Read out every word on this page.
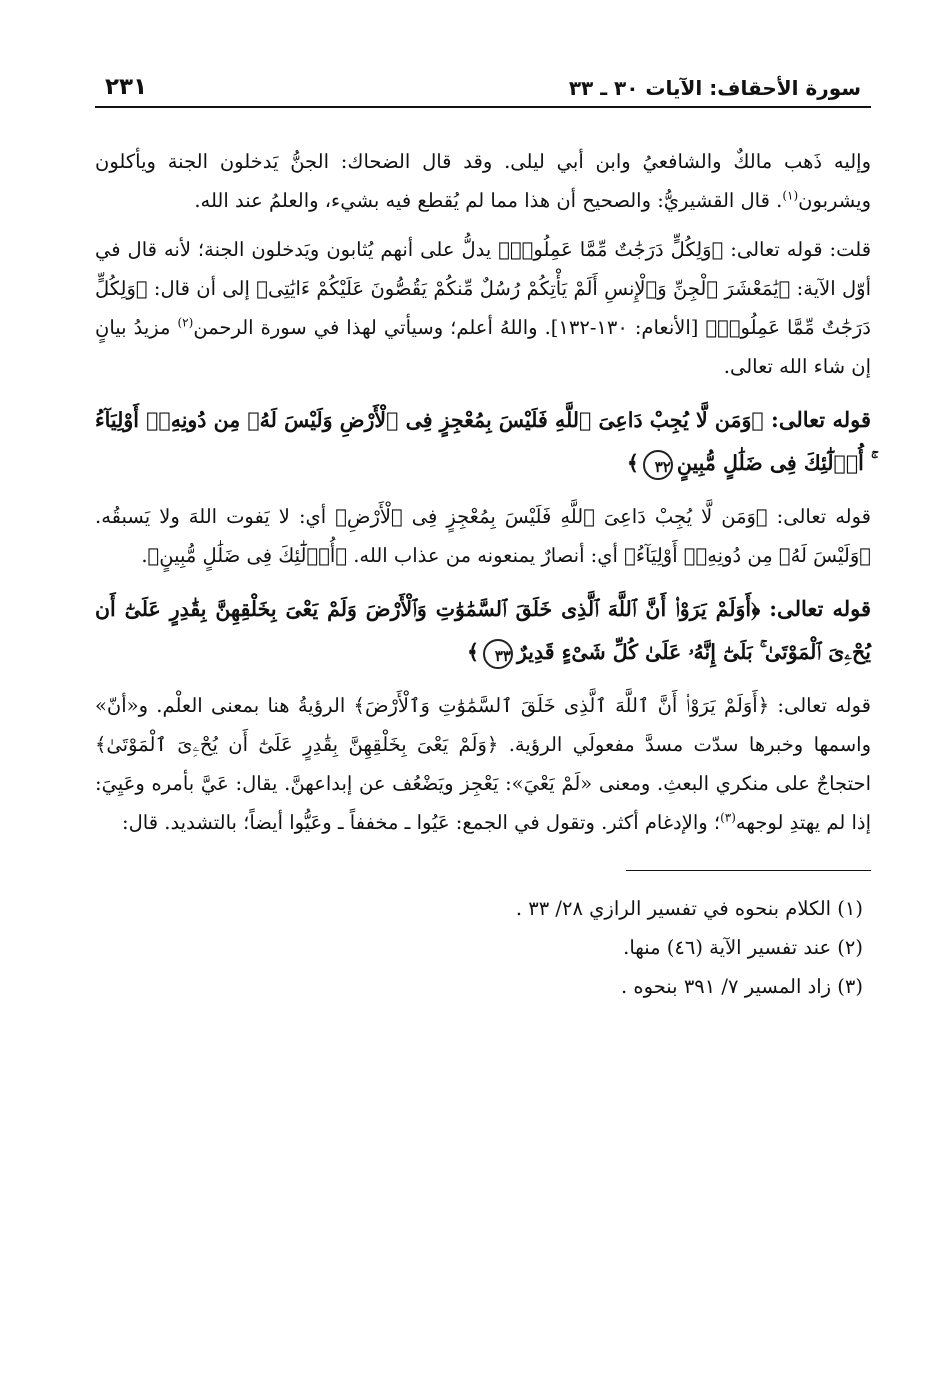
سورة الأحقاف: الآيات ٣٠ ـ ٣٣
٢٣١

وإليه ذَهب مالكٌ والشافعيُ وابن أبي ليلى. وقد قال الضحاك: الجنُّ يَدخلون الجنة ويأكلون ويشربون$^{(١)}$. قال القشيريُّ: والصحيح أن هذا مما لم يُقطع فيه بشيء، والعلمُ عند الله.

قلت: قوله تعالى: ﴿وَلِكُلٍّ دَرَجَٰتٌ مِّمَّا عَمِلُوا۟﴾ يدلُّ على أنهم يُثابون ويَدخلون الجنة؛ لأنه قال في أوّل الآية: ﴿يَٰمَعْشَرَ ٱلْجِنِّ وَٱلْإِنسِ أَلَمْ يَأْتِكُمْ رُسُلٌ مِّنكُمْ يَقُصُّونَ عَلَيْكُمْ ءَايَٰتِى﴾ إلى أن قال: ﴿وَلِكُلٍّ دَرَجَٰتٌ مِّمَّا عَمِلُوا۟﴾ [الأنعام: ١٣٠-١٣٢]. واللهُ أعلم؛ وسيأتي لهذا في سورة الرحمن$^{(٢)}$ مزيدُ بيانٍ إن شاء الله تعالى.

قوله تعالى: ﴿وَمَن لَّا يُجِبْ دَاعِىَ ٱللَّهِ فَلَيْسَ بِمُعْجِزٍ فِى ٱلْأَرْضِ وَلَيْسَ لَهُۥ مِن دُونِهِۦٓ أَوْلِيَآءُ ۚ أُو۟لَٰٓئِكَ فِى ضَلَٰلٍ مُّبِينٍ٣٢﴾

قوله تعالى: ﴿وَمَن لَّا يُجِبْ دَاعِىَ ٱللَّهِ فَلَيْسَ بِمُعْجِزٍ فِى ٱلْأَرْضِ﴾ أي: لا يَفوت اللهَ ولا يَسبقُه. ﴿وَلَيْسَ لَهُۥ مِن دُونِهِۦٓ أَوْلِيَآءُ﴾ أي: أنصارٌ يمنعونه من عذاب الله. ﴿أُو۟لَٰٓئِكَ فِى ضَلَٰلٍ مُّبِينٍ﴾.

قوله تعالى: ﴿أَوَلَمْ يَرَوْا۟ أَنَّ ٱللَّهَ ٱلَّذِى خَلَقَ ٱلسَّمَٰوَٰتِ وَٱلْأَرْضَ وَلَمْ يَعْىَ بِخَلْقِهِنَّ بِقَٰدِرٍ عَلَىٰٓ أَن يُحْۦِىَ ٱلْمَوْتَىٰ ۚ بَلَىٰٓ إِنَّهُۥ عَلَىٰ كُلِّ شَىْءٍ قَدِيرٌ٣٣﴾

قوله تعالى: ﴿أَوَلَمْ يَرَوْا۟ أَنَّ ٱللَّهَ ٱلَّذِى خَلَقَ ٱلسَّمَٰوَٰتِ وَٱلْأَرْضَ﴾ الرؤيةُ هنا بمعنى العلْم. و«أنّ» واسمها وخبرها سدّت مسدَّ مفعولَي الرؤية. ﴿وَلَمْ يَعْىَ بِخَلْقِهِنَّ بِقَٰدِرٍ عَلَىٰٓ أَن يُحْۦِىَ ٱلْمَوْتَىٰ﴾ احتجاجٌ على منكري البعثِ. ومعنى «لَمْ يَعْيَ»: يَعْجِز ويَضْعُف عن إبداعهنَّ. يقال: عَيَّ بأمره وعَيِيَ: إذا لم يهتدِ لوجهه$^{(٣)}$؛ والإدغام أكثر. وتقول في الجمع: عَيُوا ـ مخففاً ـ وعَيُّوا أيضاً؛ بالتشديد. قال:

(١) الكلام بنحوه في تفسير الرازي ٢٨/ ٣٣ .

(٢) عند تفسير الآية (٤٦) منها.

(٣) زاد المسير ٧/ ٣٩١ بنحوه .
